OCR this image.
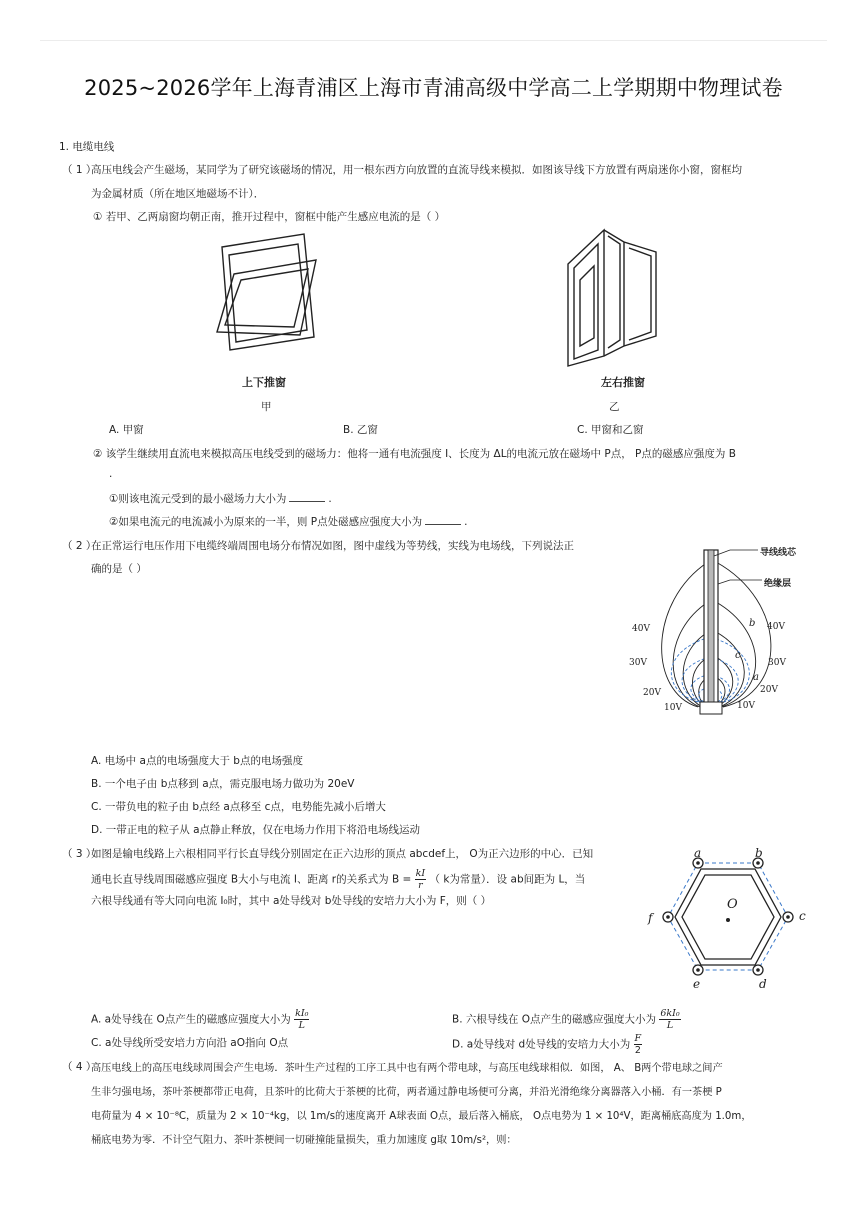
2025~2026学年上海青浦区上海市青浦高级中学高二上学期期中物理试卷
1. 电缆电线
（ 1 ）
高压电线会产生磁场，某同学为了研究该磁场的情况，用一根东西方向放置的直流导线来模拟．如图该导线下方放置有两扇迷你小窗，窗框均
为金属材质（所在地区地磁场不计）．
① 若甲、乙两扇窗均朝正南，推开过程中，窗框中能产生感应电流的是（ ）
上下推窗
甲
左右推窗
乙
A. 甲窗	B. 乙窗	C. 甲窗和乙窗
② 该学生继续用直流电来模拟高压电线受到的磁场力：他将一通有电流强度 I、长度为 ΔL的电流元放在磁场中 P点， P点的磁感应强度为 B
.
①则该电流元受到的最小磁场力大小为	.
②如果电流元的电流减小为原来的一半，则 P点处磁感应强度大小为	.
（ 2 ）
在正常运行电压作用下电缆终端周围电场分布情况如图，图中虚线为等势线，实线为电场线，下列说法正
确的是（ ）
导线线芯
绝缘层
40V	40V
30V	30V
20V	20V
10V	10V
b
c
a
A. 电场中 a点的电场强度大于 b点的电场强度
B. 一个电子由 b点移到 a点，需克服电场力做功为 20eV
C. 一带负电的粒子由 b点经 a点移至 c点，电势能先减小后增大
D. 一带正电的粒子从 a点静止释放，仅在电场力作用下将沿电场线运动
（ 3 ）
如图是输电线路上六根相同平行长直导线分别固定在正六边形的顶点 abcdef上， O为正六边形的中心．已知
通电长直导线周围磁感应强度 B大小与电流 I、距离 r的关系式为 $B = \frac{kI}{r}$ （ k为常量）．设 ab间距为 L，当
六根导线通有等大同向电流 I₀时，其中 a处导线对 b处导线的安培力大小为 F，则（ ）
a	b
c
d
e
f
O
A. a处导线在 O点产生的磁感应强度大小为 $\frac{\text{kI₀}}{L}$	B. 六根导线在 O点产生的磁感应强度大小为 $\frac{\text{6kI₀}}{L}$
C. a处导线所受安培力方向沿 aO指向 O点	D. a处导线对 d处导线的安培力大小为 $\frac{F}{2}$
（ 4 ）
高压电线上的高压电线球周围会产生电场．茶叶生产过程的工序工具中也有两个带电球，与高压电线球相似．如图， A、 B两个带电球之间产
生非匀强电场，茶叶茶梗都带正电荷，且茶叶的比荷大于茶梗的比荷，两者通过静电场便可分离，并沿光滑绝缘分离器落入小桶．有一茶梗 P
电荷量为 4 × 10⁻⁸C，质量为 2 × 10⁻⁴kg，以 1m/s的速度离开 A球表面 O点，最后落入桶底， O点电势为 1 × 10⁴V，距离桶底高度为 1.0m，
桶底电势为零．不计空气阻力、茶叶茶梗间一切碰撞能量损失，重力加速度 g取 10m/s²，则：
